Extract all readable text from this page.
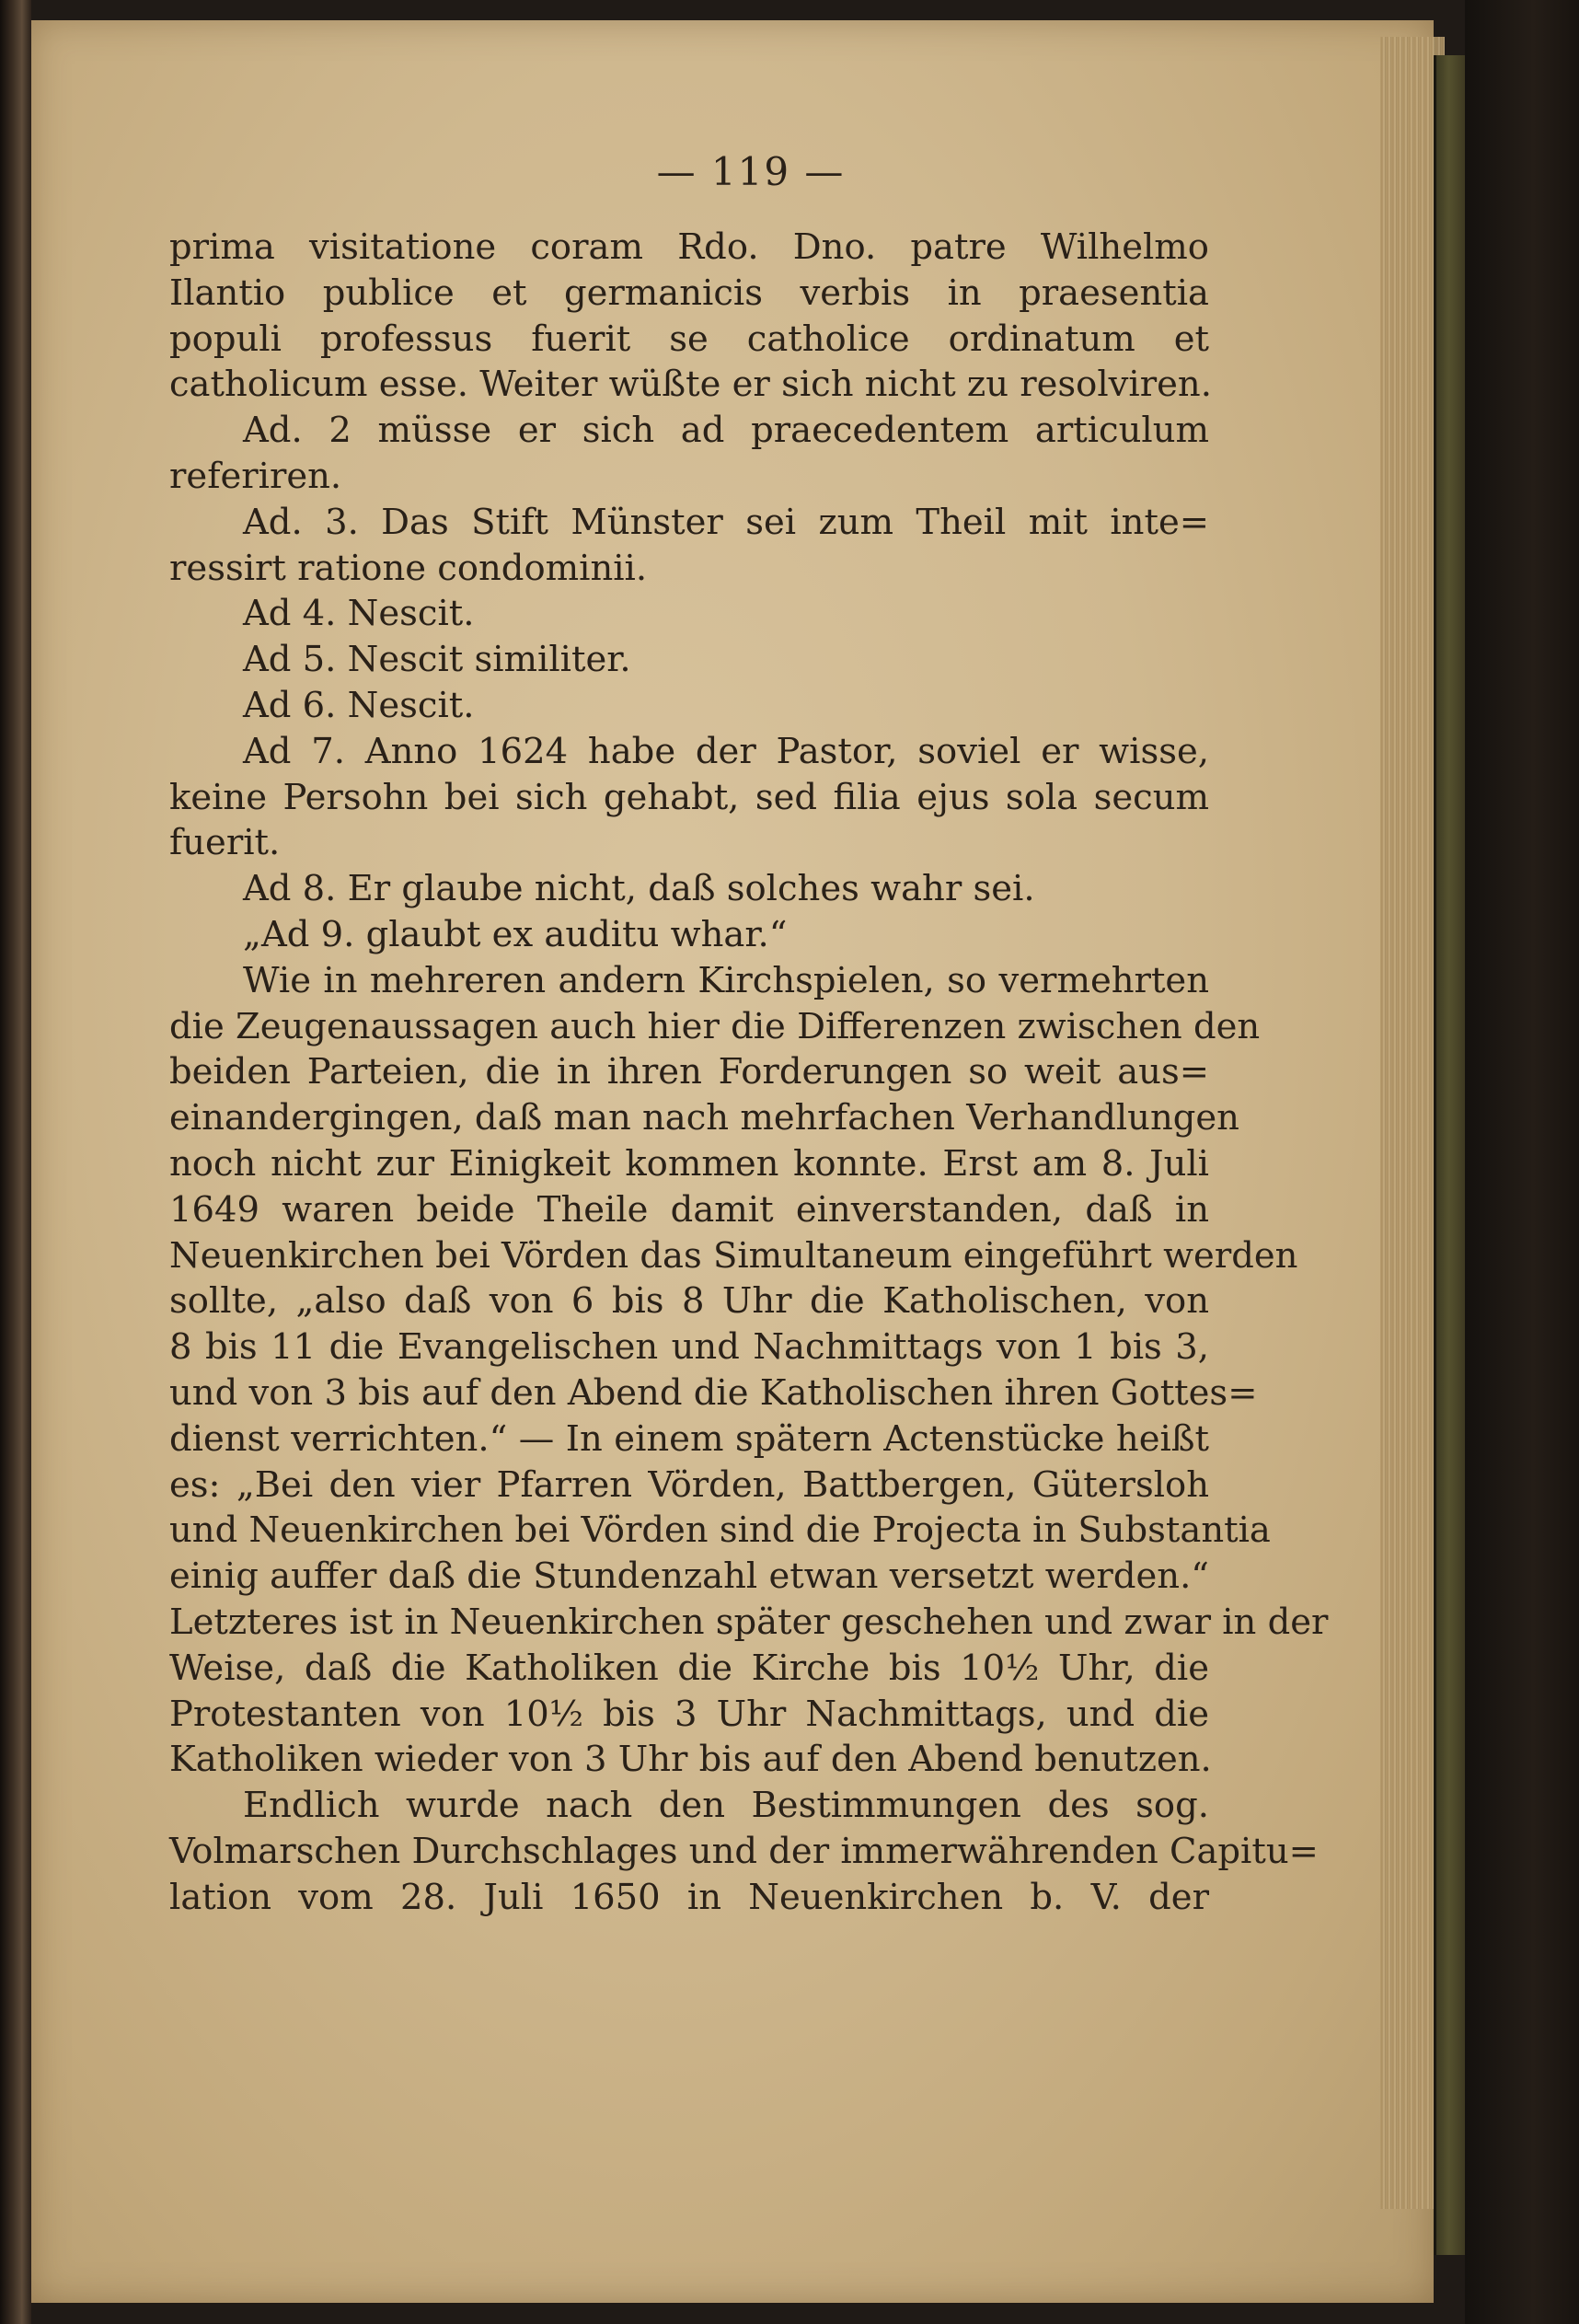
— 119 —
prima visitatione coram Rdo. Dno. patre Wilhelmo
Ilantio publice et germanicis verbis in praesentia
populi professus fuerit se catholice ordinatum et
catholicum esse. Weiter wüßte er sich nicht zu resolviren.
Ad. 2 müsse er sich ad praecedentem articulum
referiren.
Ad. 3. Das Stift Münster sei zum Theil mit inte=
ressirt ratione condominii.
Ad 4. Nescit.
Ad 5. Nescit similiter.
Ad 6. Nescit.
Ad 7. Anno 1624 habe der Pastor, soviel er wisse,
keine Persohn bei sich gehabt, sed filia ejus sola secum
fuerit.
Ad 8. Er glaube nicht, daß solches wahr sei.
„Ad 9. glaubt ex auditu whar.“
Wie in mehreren andern Kirchspielen, so vermehrten
die Zeugenaussagen auch hier die Differenzen zwischen den
beiden Parteien, die in ihren Forderungen so weit aus=
einandergingen, daß man nach mehrfachen Verhandlungen
noch nicht zur Einigkeit kommen konnte. Erst am 8. Juli
1649 waren beide Theile damit einverstanden, daß in
Neuenkirchen bei Vörden das Simultaneum eingeführt werden
sollte, „also daß von 6 bis 8 Uhr die Katholischen, von
8 bis 11 die Evangelischen und Nachmittags von 1 bis 3,
und von 3 bis auf den Abend die Katholischen ihren Gottes=
dienst verrichten.“ — In einem spätern Actenstücke heißt
es: „Bei den vier Pfarren Vörden, Battbergen, Gütersloh
und Neuenkirchen bei Vörden sind die Projecta in Substantia
einig auffer daß die Stundenzahl etwan versetzt werden.“
Letzteres ist in Neuenkirchen später geschehen und zwar in der
Weise, daß die Katholiken die Kirche bis 10½ Uhr, die
Protestanten von 10½ bis 3 Uhr Nachmittags, und die
Katholiken wieder von 3 Uhr bis auf den Abend benutzen.
Endlich wurde nach den Bestimmungen des sog.
Volmarschen Durchschlages und der immerwährenden Capitu=
lation vom 28. Juli 1650 in Neuenkirchen b. V. der
